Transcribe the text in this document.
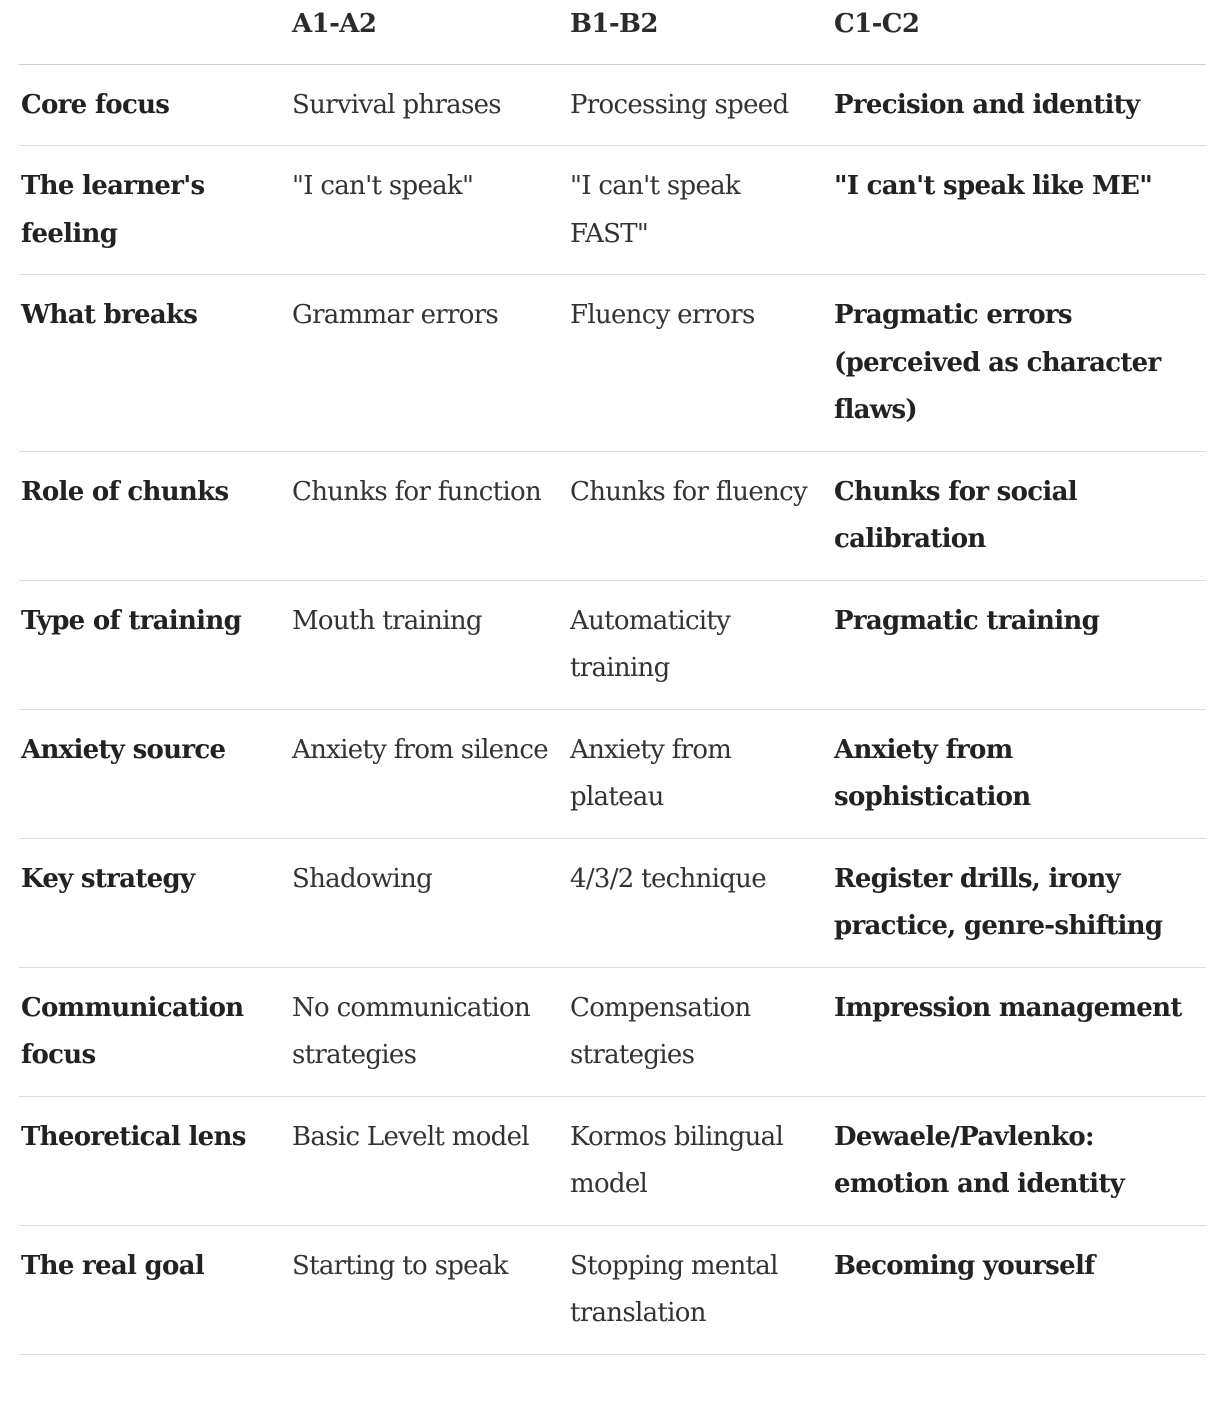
	A1-A2	B1-B2	C1-C2
Core focus	Survival phrases	Processing speed	Precision and identity
The learner's feeling	"I can't speak"	"I can't speak FAST"	"I can't speak like ME"
What breaks	Grammar errors	Fluency errors	Pragmatic errors (perceived as character flaws)
Role of chunks	Chunks for function	Chunks for fluency	Chunks for social calibration
Type of training	Mouth training	Automaticity training	Pragmatic training
Anxiety source	Anxiety from silence	Anxiety from plateau	Anxiety from sophistication
Key strategy	Shadowing	4/3/2 technique	Register drills, irony practice, genre-shifting
Communication focus	No communication strategies	Compensation strategies	Impression management
Theoretical lens	Basic Levelt model	Kormos bilingual model	Dewaele/Pavlenko: emotion and identity
The real goal	Starting to speak	Stopping mental translation	Becoming yourself
